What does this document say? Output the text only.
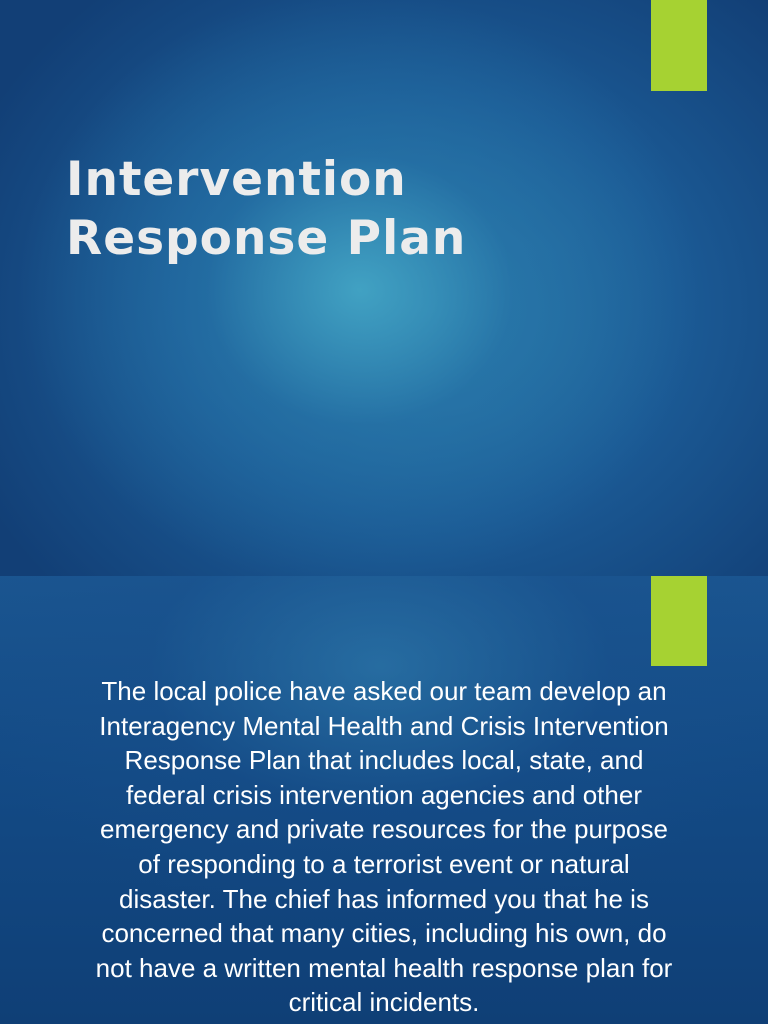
Intervention
Response Plan

The local police have asked our team develop an
Interagency Mental Health and Crisis Intervention
Response Plan that includes local, state, and
federal crisis intervention agencies and other
emergency and private resources for the purpose
of responding to a terrorist event or natural
disaster. The chief has informed you that he is
concerned that many cities, including his own, do
not have a written mental health response plan for
critical incidents.
